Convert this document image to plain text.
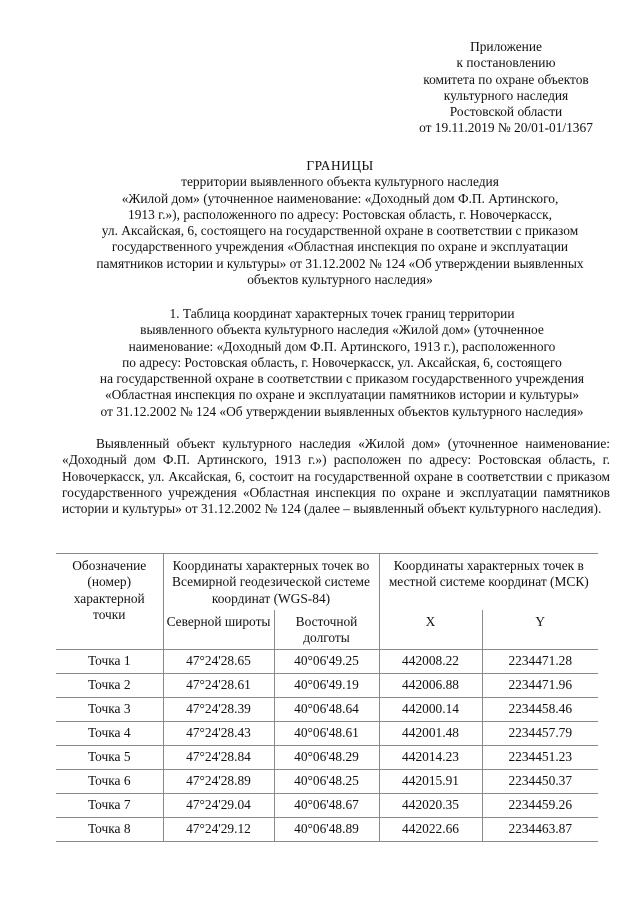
Приложение
к постановлению
комитета по охране объектов
культурного наследия
Ростовской области
от 19.11.2019 № 20/01-01/1367
ГРАНИЦЫ
территории выявленного объекта культурного наследия
«Жилой дом» (уточненное наименование: «Доходный дом Ф.П. Артинского,
1913 г.»), расположенного по адресу: Ростовская область, г. Новочеркасск,
ул. Аксайская, 6, состоящего на государственной охране в соответствии с приказом
государственного учреждения «Областная инспекция по охране и эксплуатации
памятников истории и культуры» от 31.12.2002 № 124 «Об утверждении выявленных
объектов культурного наследия»
1. Таблица координат характерных точек границ территории
выявленного объекта культурного наследия «Жилой дом» (уточненное
наименование: «Доходный дом Ф.П. Артинского, 1913 г.), расположенного
по адресу: Ростовская область, г. Новочеркасск, ул. Аксайская, 6, состоящего
на государственной охране в соответствии с приказом государственного учреждения
«Областная инспекция по охране и эксплуатации памятников истории и культуры»
от 31.12.2002 № 124 «Об утверждении выявленных объектов культурного наследия»
Выявленный объект культурного наследия «Жилой дом» (уточненное наименование: «Доходный дом Ф.П. Артинского, 1913 г.») расположен по адресу: Ростовская область, г. Новочеркасск, ул. Аксайская, 6, состоит на государственной охране в соответствии с приказом государственного учреждения «Областная инспекция по охране и эксплуатации памятников истории и культуры» от 31.12.2002 № 124 (далее – выявленный объект культурного наследия).
Обозначение (номер) характерной точки	Координаты характерных точек во Всемирной геодезической системе координат (WGS-84)		Координаты характерных точек в местной системе координат (МСК)	
	Северной широты	Восточной долготы	X	Y
Точка 1	47°24'28.65	40°06'49.25	442008.22	2234471.28
Точка 2	47°24'28.61	40°06'49.19	442006.88	2234471.96
Точка 3	47°24'28.39	40°06'48.64	442000.14	2234458.46
Точка 4	47°24'28.43	40°06'48.61	442001.48	2234457.79
Точка 5	47°24'28.84	40°06'48.29	442014.23	2234451.23
Точка 6	47°24'28.89	40°06'48.25	442015.91	2234450.37
Точка 7	47°24'29.04	40°06'48.67	442020.35	2234459.26
Точка 8	47°24'29.12	40°06'48.89	442022.66	2234463.87
